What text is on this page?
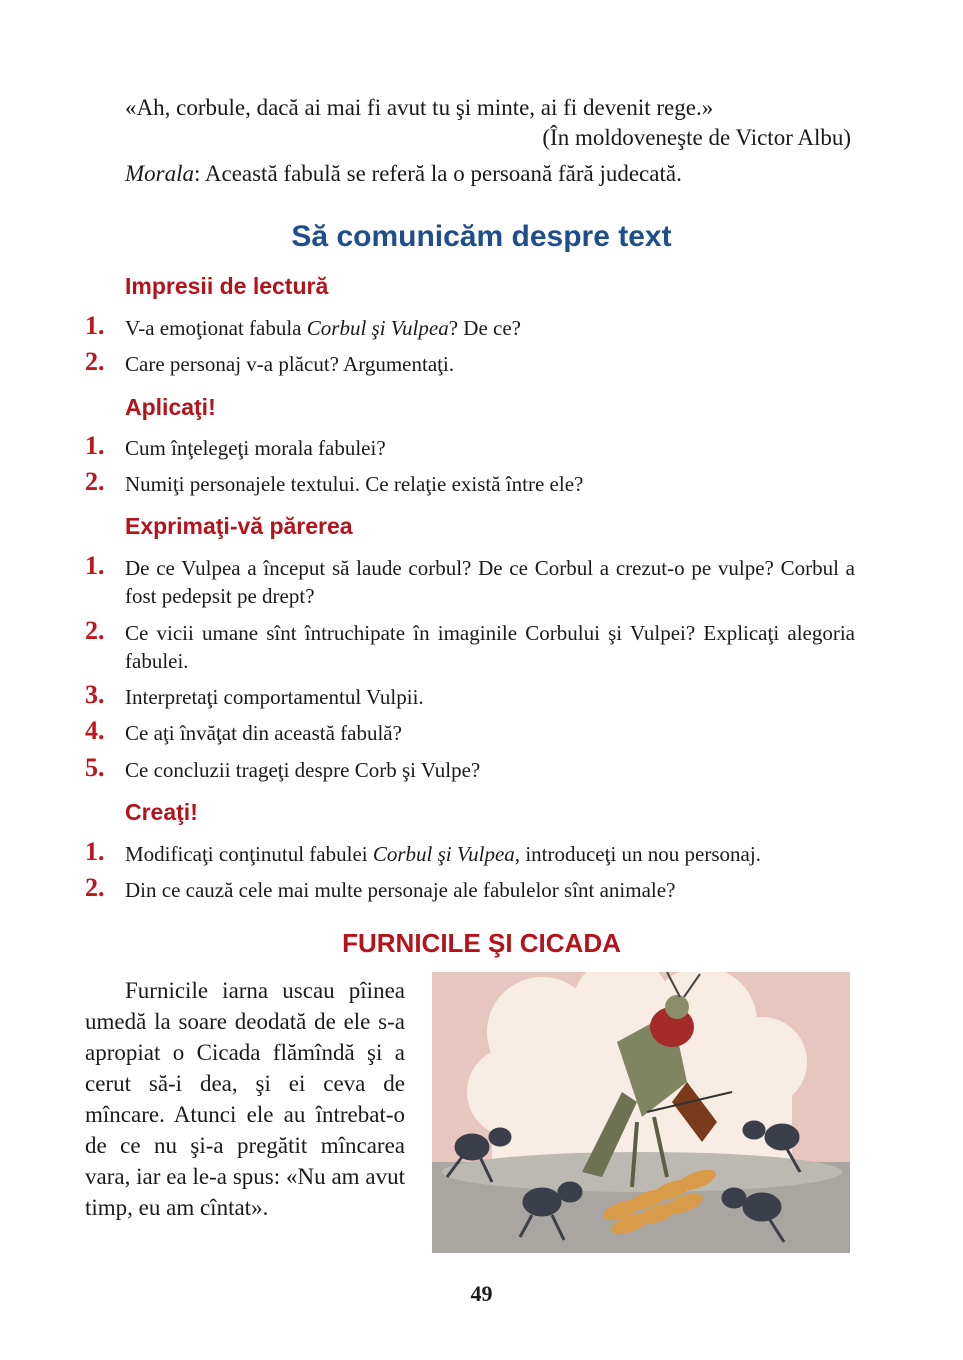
«Ah, corbule, dacă ai mai fi avut tu şi minte, ai fi devenit rege.»
(În moldoveneşte de Victor Albu)
Morala: Această fabulă se referă la o persoană fără judecată.
Să comunicăm despre text
Impresii de lectură
1. V-a emoţionat fabula Corbul şi Vulpea? De ce?
2. Care personaj v-a plăcut? Argumentaţi.
Aplicaţi!
1. Cum înţelegeţi morala fabulei?
2. Numiţi personajele textului. Ce relaţie există între ele?
Exprimaţi-vă părerea
1. De ce Vulpea a început să laude corbul? De ce Corbul a crezut-o pe vulpe? Corbul a fost pedepsit pe drept?
2. Ce vicii umane sînt întruchipate în imaginile Corbului şi Vulpei? Explicaţi alegoria fabulei.
3. Interpretaţi comportamentul Vulpii.
4. Ce aţi învăţat din această fabulă?
5. Ce concluzii trageţi despre Corb şi Vulpe?
Creaţi!
1. Modificaţi conţinutul fabulei Corbul şi Vulpea, introduceţi un nou personaj.
2. Din ce cauză cele mai multe personaje ale fabulelor sînt animale?
FURNICILE ŞI CICADA
Furnicile iarna uscau pîinea umedă la soare deodată de ele s-a apropiat o Cicada flămîndă şi a cerut să-i dea, şi ei ceva de mîncare. Atunci ele au întrebat-o de ce nu şi-a pregătit mîncarea vara, iar ea le-a spus: «Nu am avut timp, eu am cîntat».
49
